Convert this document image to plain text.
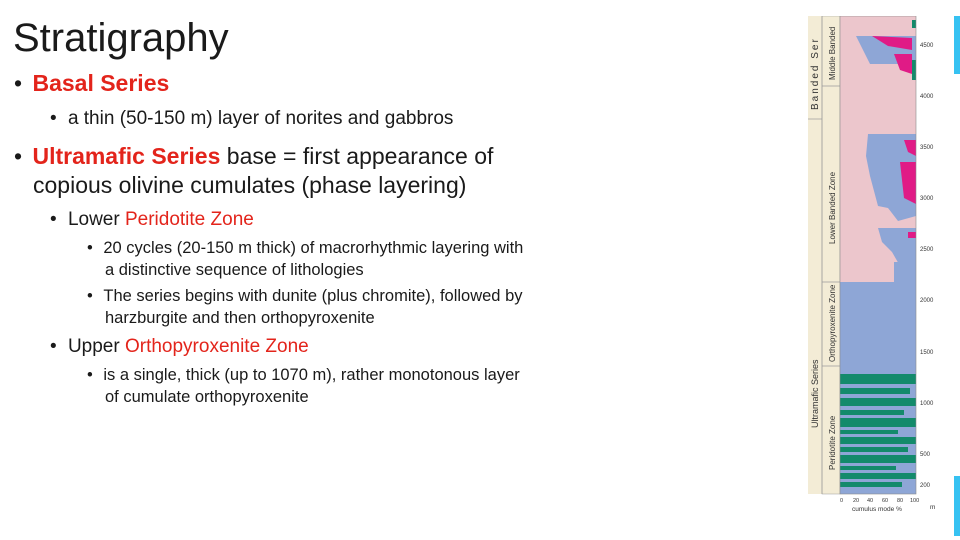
Stratigraphy
• Basal Series
• a thin (50-150 m) layer of norites and gabbros
• Ultramafic Series base = first appearance of
copious olivine cumulates (phase layering)
• Lower Peridotite Zone
• 20 cycles (20-150 m thick) of macrorhythmic layering with
a distinctive sequence of lithologies
• The series begins with dunite (plus chromite), followed by
harzburgite and then orthopyroxenite
• Upper Orthopyroxenite Zone
• is a single, thick (up to 1070 m), rather monotonous layer
of cumulate orthopyroxenite
Banded Ser
Ultramafic Series
Middle Banded
Lower Banded Zone
Orthopyroxenite Zone
Peridotite Zone
4500
4000
3500
3000
2500
2000
1500
1000
500
200
0 20 40 60 80 100
cumulus mode %	m
